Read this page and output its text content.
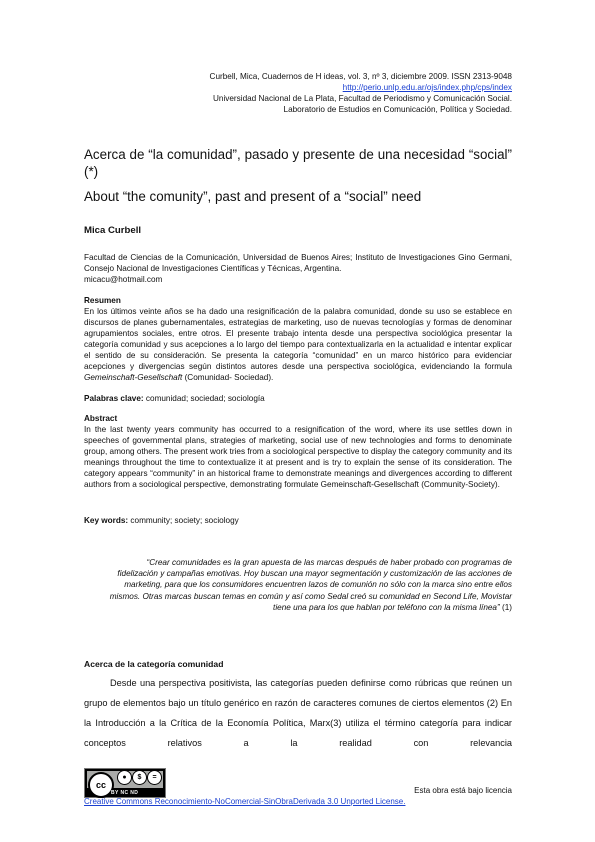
Curbell, Mica, Cuadernos de H ideas, vol. 3, nº 3, diciembre 2009. ISSN 2313-9048
http://perio.unlp.edu.ar/ojs/index.php/cps/index
Universidad Nacional de La Plata, Facultad de Periodismo y Comunicación Social.
Laboratorio de Estudios en Comunicación, Política y Sociedad.
Acerca de “la comunidad”, pasado y presente de una necesidad “social” (*)
About “the comunity”, past and present of a “social” need
Mica Curbell
Facultad de Ciencias de la Comunicación, Universidad de Buenos Aires; Instituto de Investigaciones Gino Germani, Consejo Nacional de Investigaciones Científicas y Técnicas, Argentina.
micacu@hotmail.com
Resumen
En los últimos veinte años se ha dado una resignificación de la palabra comunidad, donde su uso se establece en discursos de planes gubernamentales, estrategias de marketing, uso de nuevas tecnologías y formas de denominar agrupamientos sociales, entre otros. El presente trabajo intenta desde una perspectiva sociológica presentar la categoría comunidad y sus acepciones a lo largo del tiempo para contextualizarla en la actualidad e intentar explicar el sentido de su consideración. Se presenta la categoría “comunidad” en un marco histórico para evidenciar acepciones y divergencias según distintos autores desde una perspectiva sociológica, evidenciando la formula Gemeinschaft-Gesellschaft (Comunidad- Sociedad).
Palabras clave: comunidad; sociedad; sociología
Abstract
In the last twenty years community has occurred to a resignification of the word, where its use settles down in speeches of governmental plans, strategies of marketing, social use of new technologies and forms to denominate group, among others. The present work tries from a sociological perspective to display the category community and its meanings throughout the time to contextualize it at present and is try to explain the sense of its consideration. The category appears “community” in an historical frame to demonstrate meanings and divergences according to different authors from a sociological perspective, demonstrating formulate Gemeinschaft-Gesellschaft (Community-Society).
Key words: community; society; sociology
“Crear comunidades es la gran apuesta de las marcas después de haber probado con programas de fidelización y campañas emotivas. Hoy buscan una mayor segmentación y customización de las acciones de marketing, para que los consumidores encuentren lazos de comunión no sólo con la marca sino entre ellos mismos. Otras marcas buscan temas en común y así como Sedal creó su comunidad en Second Life, Movistar tiene una para los que hablan por teléfono con la misma línea” (1)
Acerca de la categoría comunidad
Desde una perspectiva positivista, las categorías pueden definirse como rúbricas que reúnen un grupo de elementos bajo un título genérico en razón de caracteres comunes de ciertos elementos (2) En la Introducción a la Crítica de la Economía Política, Marx(3) utiliza el término categoría para indicar conceptos relativos a la realidad con relevancia
cc
●	$	=
BY NC ND	Esta obra está bajo licencia
Creative Commons Reconocimiento-NoComercial-SinObraDerivada 3.0 Unported License.
